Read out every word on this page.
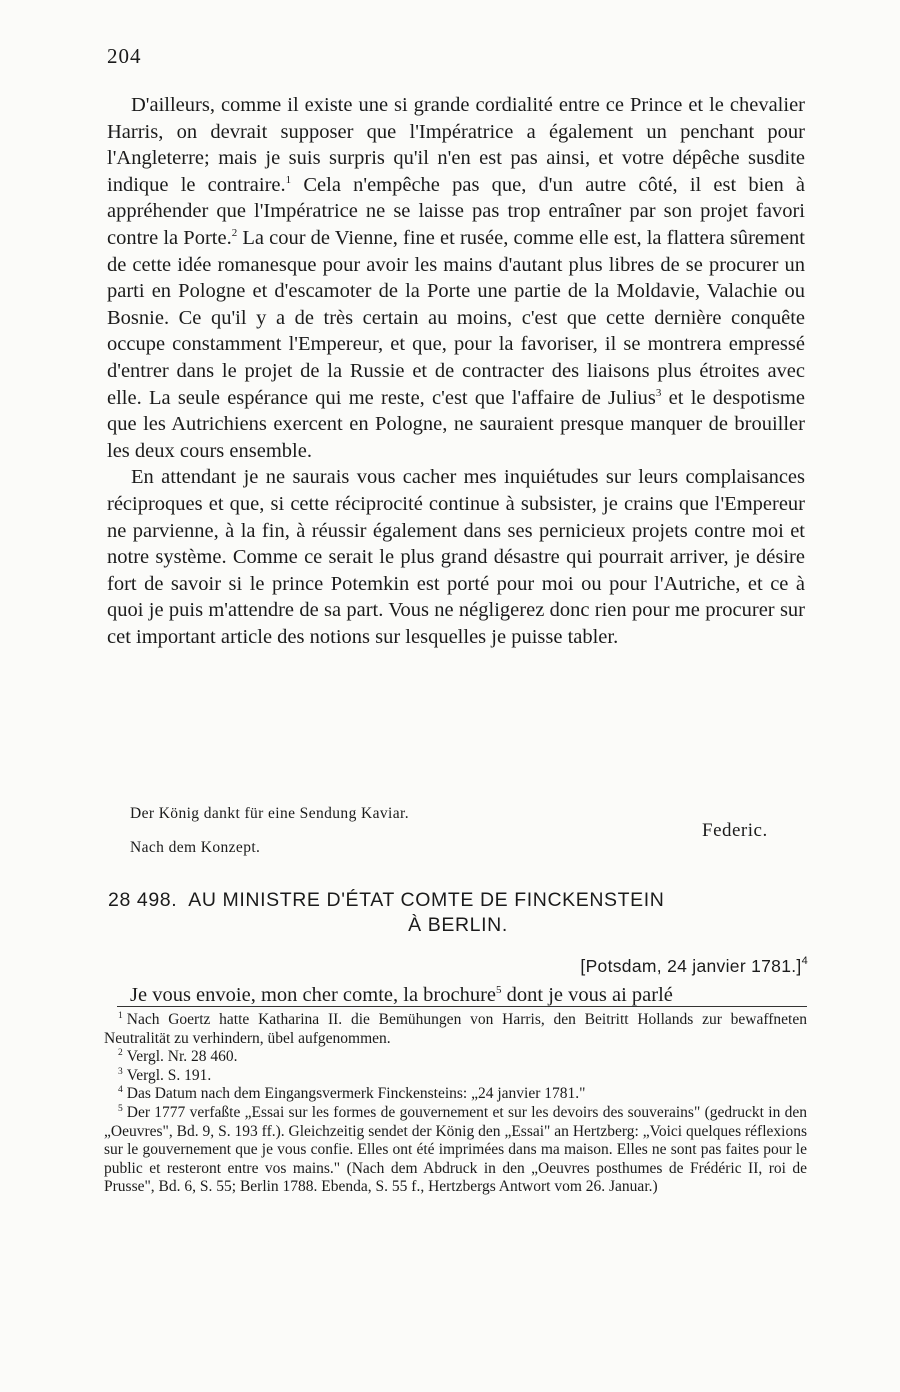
204

D'ailleurs, comme il existe une si grande cordialité entre ce Prince et le chevalier Harris, on devrait supposer que l'Impératrice a également un penchant pour l'Angleterre; mais je suis surpris qu'il n'en est pas ainsi, et votre dépêche susdite indique le contraire.$^1$ Cela n'empêche pas que, d'un autre côté, il est bien à appréhender que l'Impératrice ne se laisse pas trop entraîner par son projet favori contre la Porte.$^2$ La cour de Vienne, fine et rusée, comme elle est, la flattera sûrement de cette idée romanesque pour avoir les mains d'autant plus libres de se procurer un parti en Pologne et d'escamoter de la Porte une partie de la Moldavie, Valachie ou Bosnie. Ce qu'il y a de très certain au moins, c'est que cette dernière conquête occupe constamment l'Empereur, et que, pour la favoriser, il se montrera empressé d'entrer dans le projet de la Russie et de contracter des liaisons plus étroites avec elle. La seule espérance qui me reste, c'est que l'affaire de Julius$^3$ et le despotisme que les Autrichiens exercent en Pologne, ne sauraient presque manquer de brouiller les deux cours ensemble.

En attendant je ne saurais vous cacher mes inquiétudes sur leurs complaisances réciproques et que, si cette réciprocité continue à subsister, je crains que l'Empereur ne parvienne, à la fin, à réussir également dans ses pernicieux projets contre moi et notre système. Comme ce serait le plus grand désastre qui pourrait arriver, je désire fort de savoir si le prince Potemkin est porté pour moi ou pour l'Autriche, et ce à quoi je puis m'attendre de sa part. Vous ne négligerez donc rien pour me procurer sur cet important article des notions sur lesquelles je puisse tabler.

Der König dankt für eine Sendung Kaviar.
Federic.
Nach dem Konzept.
28 498. AU MINISTRE D'ÉTAT COMTE DE FINCKENSTEIN
À BERLIN.
[Potsdam, 24 janvier 1781.]$^4$
Je vous envoie, mon cher comte, la brochure$^5$ dont je vous ai parlé

$^1$ Nach Goertz hatte Katharina II. die Bemühungen von Harris, den Beitritt Hollands zur bewaffneten Neutralität zu verhindern, übel aufgenommen.

$^2$ Vergl. Nr. 28 460.

$^3$ Vergl. S. 191.

$^4$ Das Datum nach dem Eingangsvermerk Finckensteins: „24 janvier 1781."

$^5$ Der 1777 verfaßte „Essai sur les formes de gouvernement et sur les devoirs des souverains" (gedruckt in den „Oeuvres", Bd. 9, S. 193 ff.). Gleichzeitig sendet der König den „Essai" an Hertzberg: „Voici quelques réflexions sur le gouvernement que je vous confie. Elles ont été imprimées dans ma maison. Elles ne sont pas faites pour le public et resteront entre vos mains." (Nach dem Abdruck in den „Oeuvres posthumes de Frédéric II, roi de Prusse", Bd. 6, S. 55; Berlin 1788. Ebenda, S. 55 f., Hertzbergs Antwort vom 26. Januar.)
